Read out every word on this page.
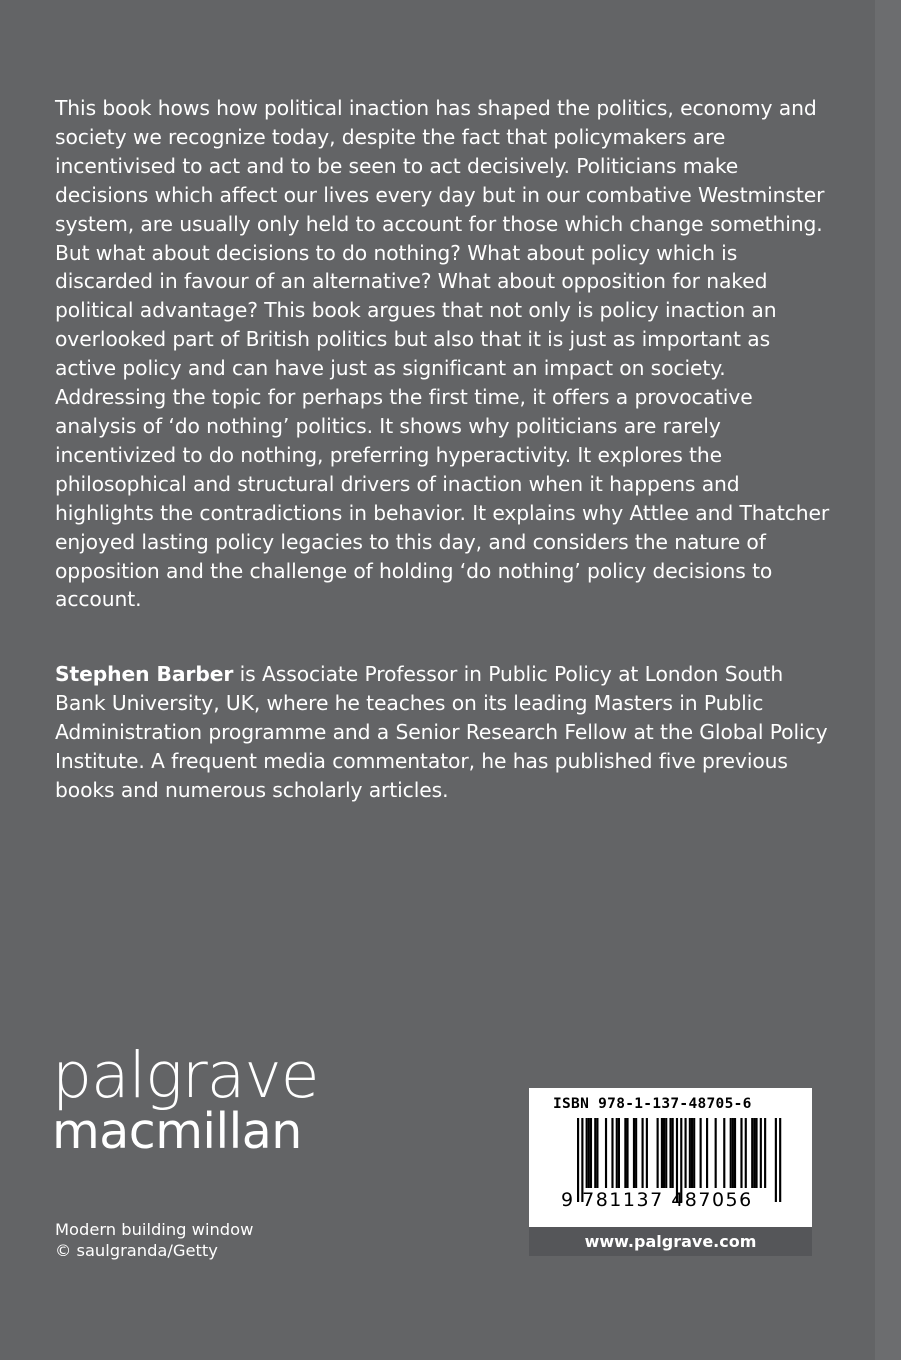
This book hows how political inaction has shaped the politics, economy and society we recognize today, despite the fact that policymakers are incentivised to act and to be seen to act decisively. Politicians make decisions which affect our lives every day but in our combative Westminster system, are usually only held to account for those which change something. But what about decisions to do nothing? What about policy which is discarded in favour of an alternative? What about opposition for naked political advantage? This book argues that not only is policy inaction an overlooked part of British politics but also that it is just as important as active policy and can have just as significant an impact on society. Addressing the topic for perhaps the first time, it offers a provocative analysis of ‘do nothing’ politics. It shows why politicians are rarely incentivized to do nothing, preferring hyperactivity. It explores the philosophical and structural drivers of inaction when it happens and highlights the contradictions in behavior. It explains why Attlee and Thatcher enjoyed lasting policy legacies to this day, and considers the nature of opposition and the challenge of holding ‘do nothing’ policy decisions to account.

Stephen Barber is Associate Professor in Public Policy at London South Bank University, UK, where he teaches on its leading Masters in Public Administration programme and a Senior Research Fellow at the Global Policy Institute. A frequent media commentator, he has published five previous books and numerous scholarly articles.

palgrave
macmillan
Modern building window
© saulgranda/Getty
ISBN 978-1-137-48705-6
9 781137 487056
www.palgrave.com
